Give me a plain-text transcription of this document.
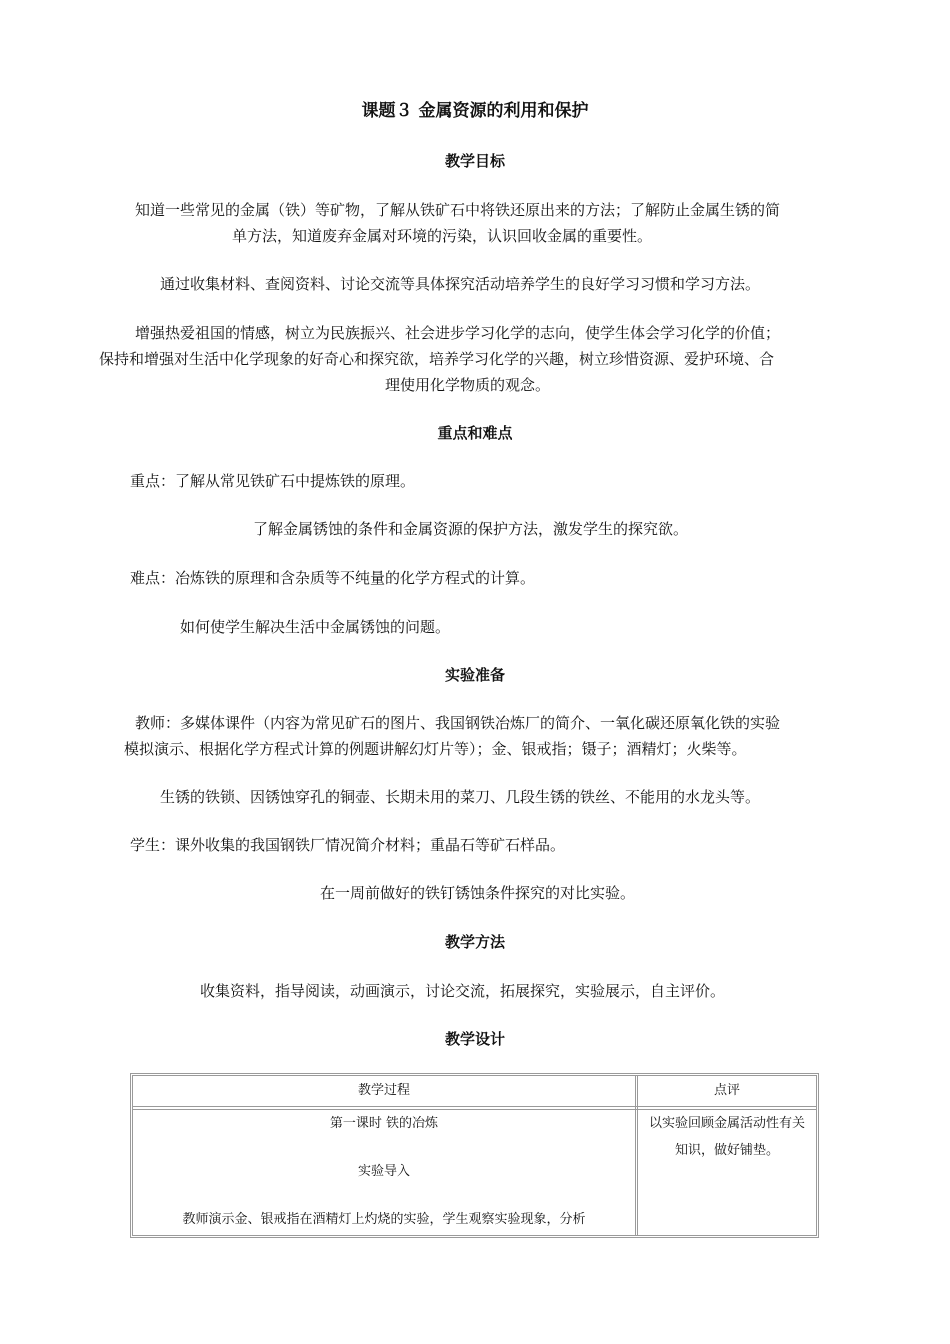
课题３ 金属资源的利用和保护
教学目标
知道一些常见的金属（铁）等矿物，了解从铁矿石中将铁还原出来的方法；了解防止金属生锈的简
单方法，知道废弃金属对环境的污染，认识回收金属的重要性。
通过收集材料、查阅资料、讨论交流等具体探究活动培养学生的良好学习习惯和学习方法。
增强热爱祖国的情感，树立为民族振兴、社会进步学习化学的志向，使学生体会学习化学的价值；
保持和增强对生活中化学现象的好奇心和探究欲，培养学习化学的兴趣，树立珍惜资源、爱护环境、合
理使用化学物质的观念。
重点和难点
重点：了解从常见铁矿石中提炼铁的原理。
了解金属锈蚀的条件和金属资源的保护方法，激发学生的探究欲。
难点：冶炼铁的原理和含杂质等不纯量的化学方程式的计算。
如何使学生解决生活中金属锈蚀的问题。
实验准备
教师：多媒体课件（内容为常见矿石的图片、我国钢铁冶炼厂的简介、一氧化碳还原氧化铁的实验
模拟演示、根据化学方程式计算的例题讲解幻灯片等）；金、银戒指；镊子；酒精灯；火柴等。
生锈的铁锁、因锈蚀穿孔的铜壶、长期未用的菜刀、几段生锈的铁丝、不能用的水龙头等。
学生：课外收集的我国钢铁厂情况简介材料；重晶石等矿石样品。
在一周前做好的铁钉锈蚀条件探究的对比实验。
教学方法
收集资料，指导阅读，动画演示，讨论交流，拓展探究，实验展示，自主评价。
教学设计
教学过程	点评
第一课时 铁的冶炼
实验导入
教师演示金、银戒指在酒精灯上灼烧的实验，学生观察实验现象，分析
以实验回顾金属活动性有关
知识，做好铺垫。
